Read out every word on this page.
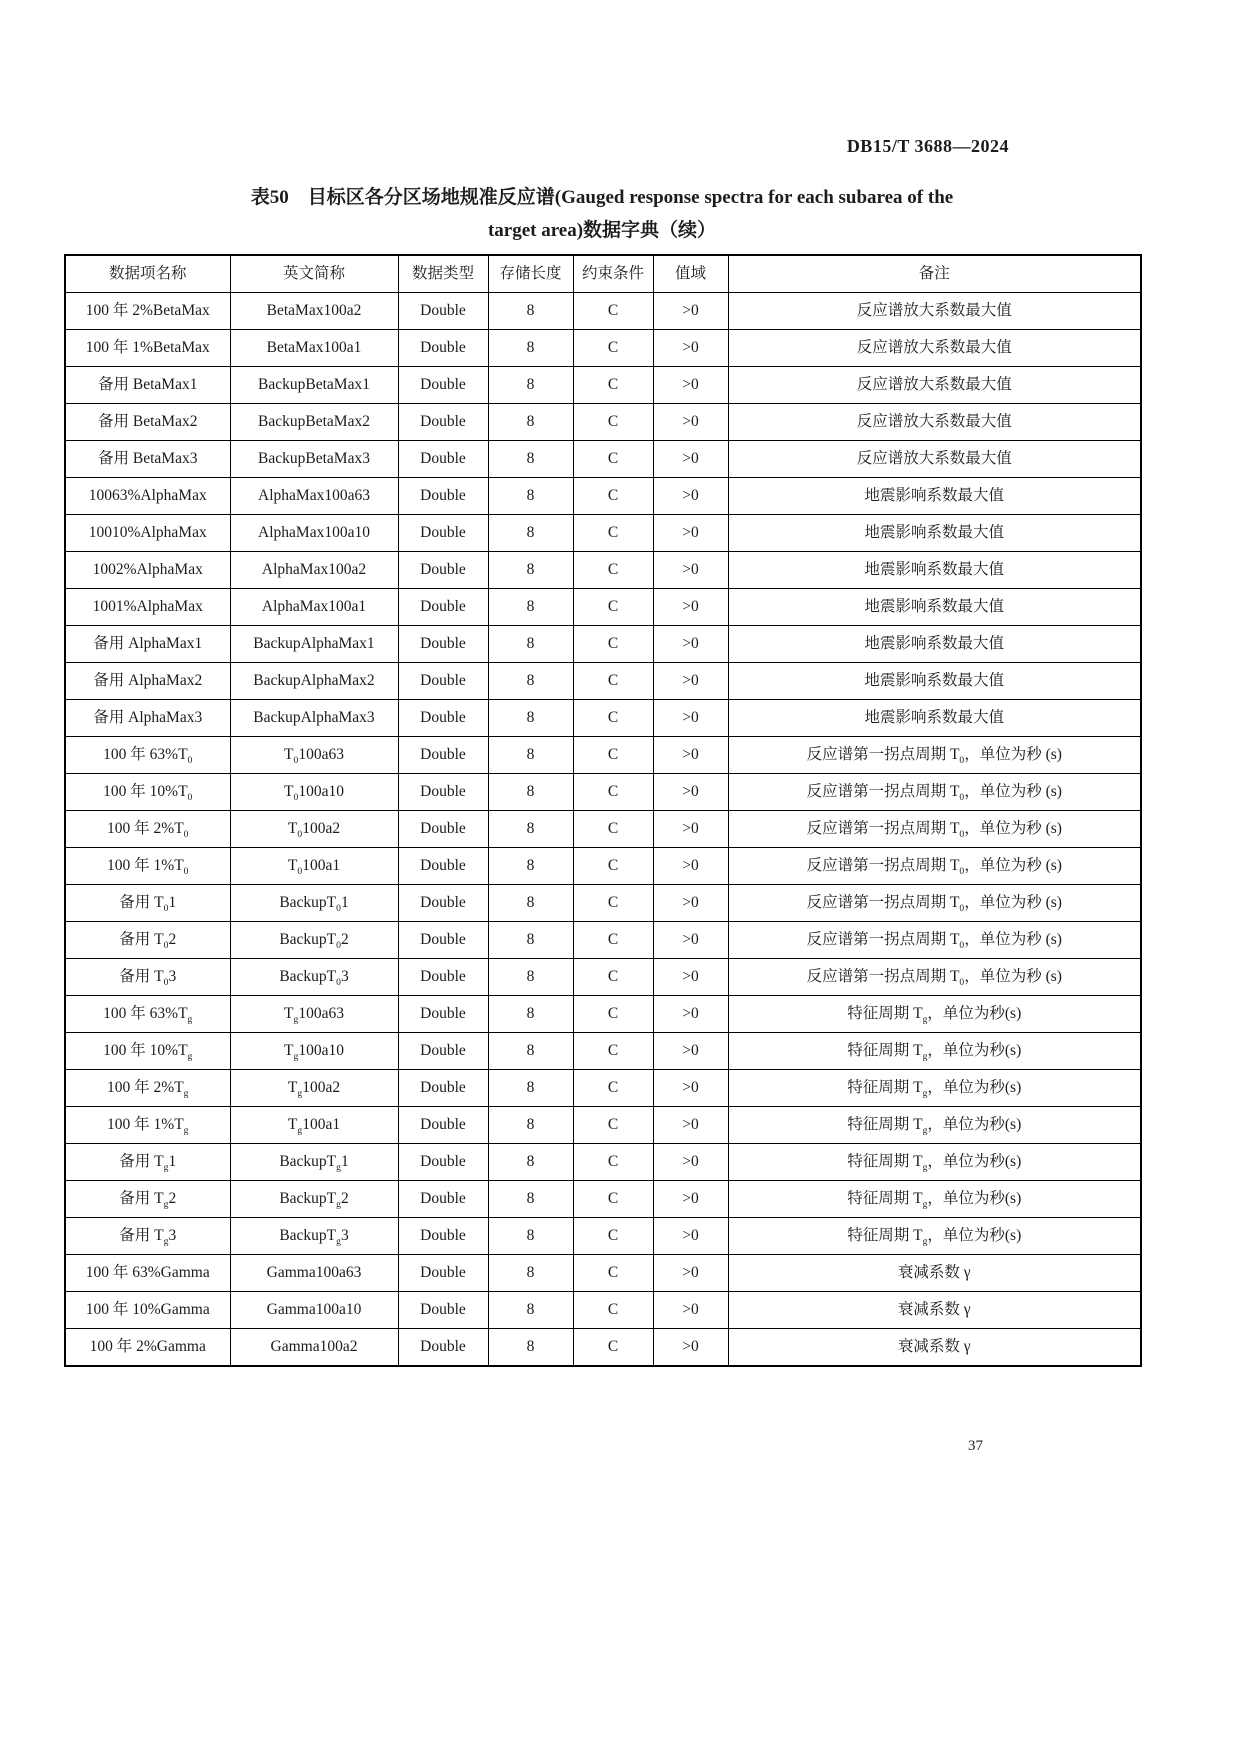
DB15/T 3688—2024
表50　目标区各分区场地规准反应谱(Gauged response spectra for each subarea of the
target area)数据字典（续）
数据项名称	英文简称	数据类型	存储长度	约束条件	值域	备注
100 年 2%BetaMax	BetaMax100a2	Double	8	C	>0	反应谱放大系数最大值
100 年 1%BetaMax	BetaMax100a1	Double	8	C	>0	反应谱放大系数最大值
备用 BetaMax1	BackupBetaMax1	Double	8	C	>0	反应谱放大系数最大值
备用 BetaMax2	BackupBetaMax2	Double	8	C	>0	反应谱放大系数最大值
备用 BetaMax3	BackupBetaMax3	Double	8	C	>0	反应谱放大系数最大值
10063%AlphaMax	AlphaMax100a63	Double	8	C	>0	地震影响系数最大值
10010%AlphaMax	AlphaMax100a10	Double	8	C	>0	地震影响系数最大值
1002%AlphaMax	AlphaMax100a2	Double	8	C	>0	地震影响系数最大值
1001%AlphaMax	AlphaMax100a1	Double	8	C	>0	地震影响系数最大值
备用 AlphaMax1	BackupAlphaMax1	Double	8	C	>0	地震影响系数最大值
备用 AlphaMax2	BackupAlphaMax2	Double	8	C	>0	地震影响系数最大值
备用 AlphaMax3	BackupAlphaMax3	Double	8	C	>0	地震影响系数最大值
100 年 $63\%T_0$	$T_0100a63$	Double	8	C	>0	反应谱第一拐点周期 $T_0$，单位为秒 (s)
100 年 $10\%T_0$	$T_0100a10$	Double	8	C	>0	反应谱第一拐点周期 $T_0$，单位为秒 (s)
100 年 $2\%T_0$	$T_0100a2$	Double	8	C	>0	反应谱第一拐点周期 $T_0$，单位为秒 (s)
100 年 $1\%T_0$	$T_0100a1$	Double	8	C	>0	反应谱第一拐点周期 $T_0$，单位为秒 (s)
备用 $T_01$	BackupT$_0$1	Double	8	C	>0	反应谱第一拐点周期 $T_0$，单位为秒 (s)
备用 $T_02$	BackupT$_0$2	Double	8	C	>0	反应谱第一拐点周期 $T_0$，单位为秒 (s)
备用 $T_03$	BackupT$_0$3	Double	8	C	>0	反应谱第一拐点周期 $T_0$，单位为秒 (s)
100 年 $63\%T_g$	$T_g100a63$	Double	8	C	>0	特征周期 $T_g$，单位为秒(s)
100 年 $10\%T_g$	$T_g100a10$	Double	8	C	>0	特征周期 $T_g$，单位为秒(s)
100 年 $2\%T_g$	$T_g100a2$	Double	8	C	>0	特征周期 $T_g$，单位为秒(s)
100 年 $1\%T_g$	$T_g100a1$	Double	8	C	>0	特征周期 $T_g$，单位为秒(s)
备用 $T_g1$	BackupT$_g$1	Double	8	C	>0	特征周期 $T_g$，单位为秒(s)
备用 $T_g2$	BackupT$_g$2	Double	8	C	>0	特征周期 $T_g$，单位为秒(s)
备用 $T_g3$	BackupT$_g$3	Double	8	C	>0	特征周期 $T_g$，单位为秒(s)
100 年 63%Gamma	Gamma100a63	Double	8	C	>0	衰减系数 γ
100 年 10%Gamma	Gamma100a10	Double	8	C	>0	衰减系数 γ
100 年 2%Gamma	Gamma100a2	Double	8	C	>0	衰减系数 γ
37
